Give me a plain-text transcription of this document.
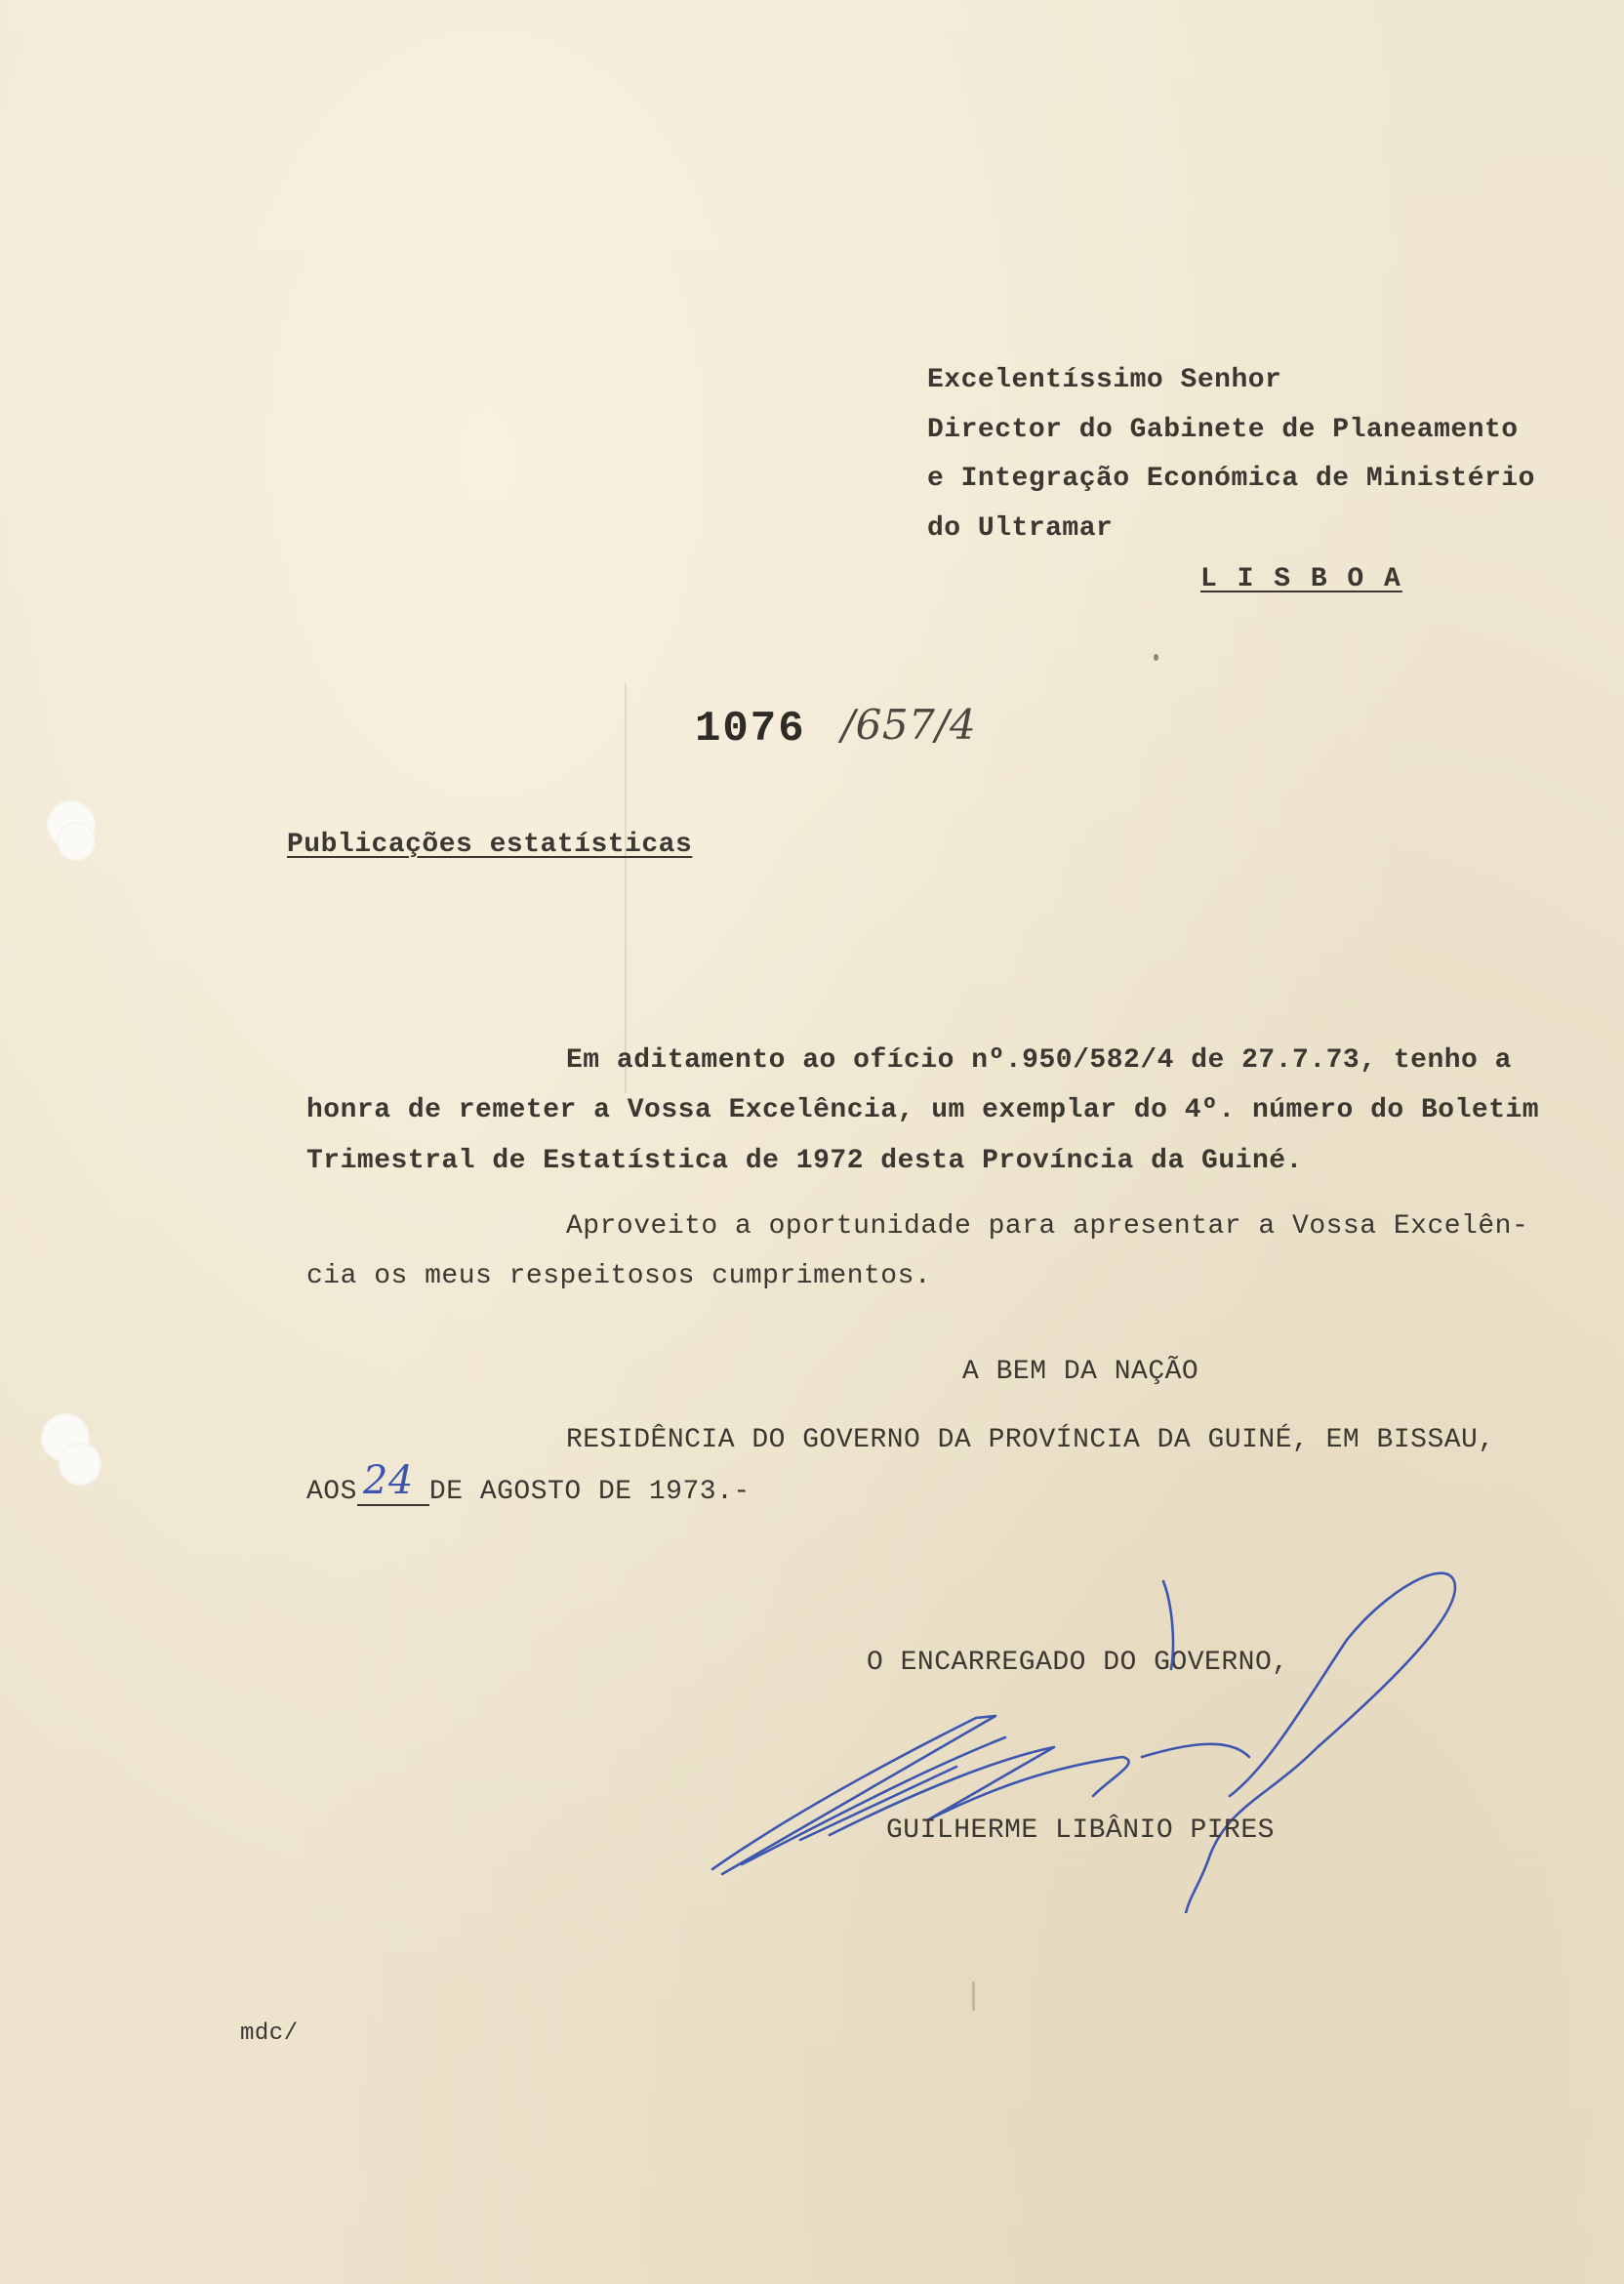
Excelentíssimo Senhor
Director do Gabinete de Planeamento
e Integração Económica de Ministério
do Ultramar
L I S B O A
1076 /657/4
Publicações estatísticas
Em aditamento ao ofício nº.950/582/4 de 27.7.73, tenho a
honra de remeter a Vossa Excelência, um exemplar do 4º. número do Boletim
Trimestral de Estatística de 1972 desta Província da Guiné.
Aproveito a oportunidade para apresentar a Vossa Excelên-
cia os meus respeitosos cumprimentos.
A BEM DA NAÇÃO
RESIDÊNCIA DO GOVERNO DA PROVÍNCIA DA GUINÉ, EM BISSAU,
AOS 24 DE AGOSTO DE 1973.-
O ENCARREGADO DO GOVERNO,
GUILHERME LIBÂNIO PIRES
mdc/
